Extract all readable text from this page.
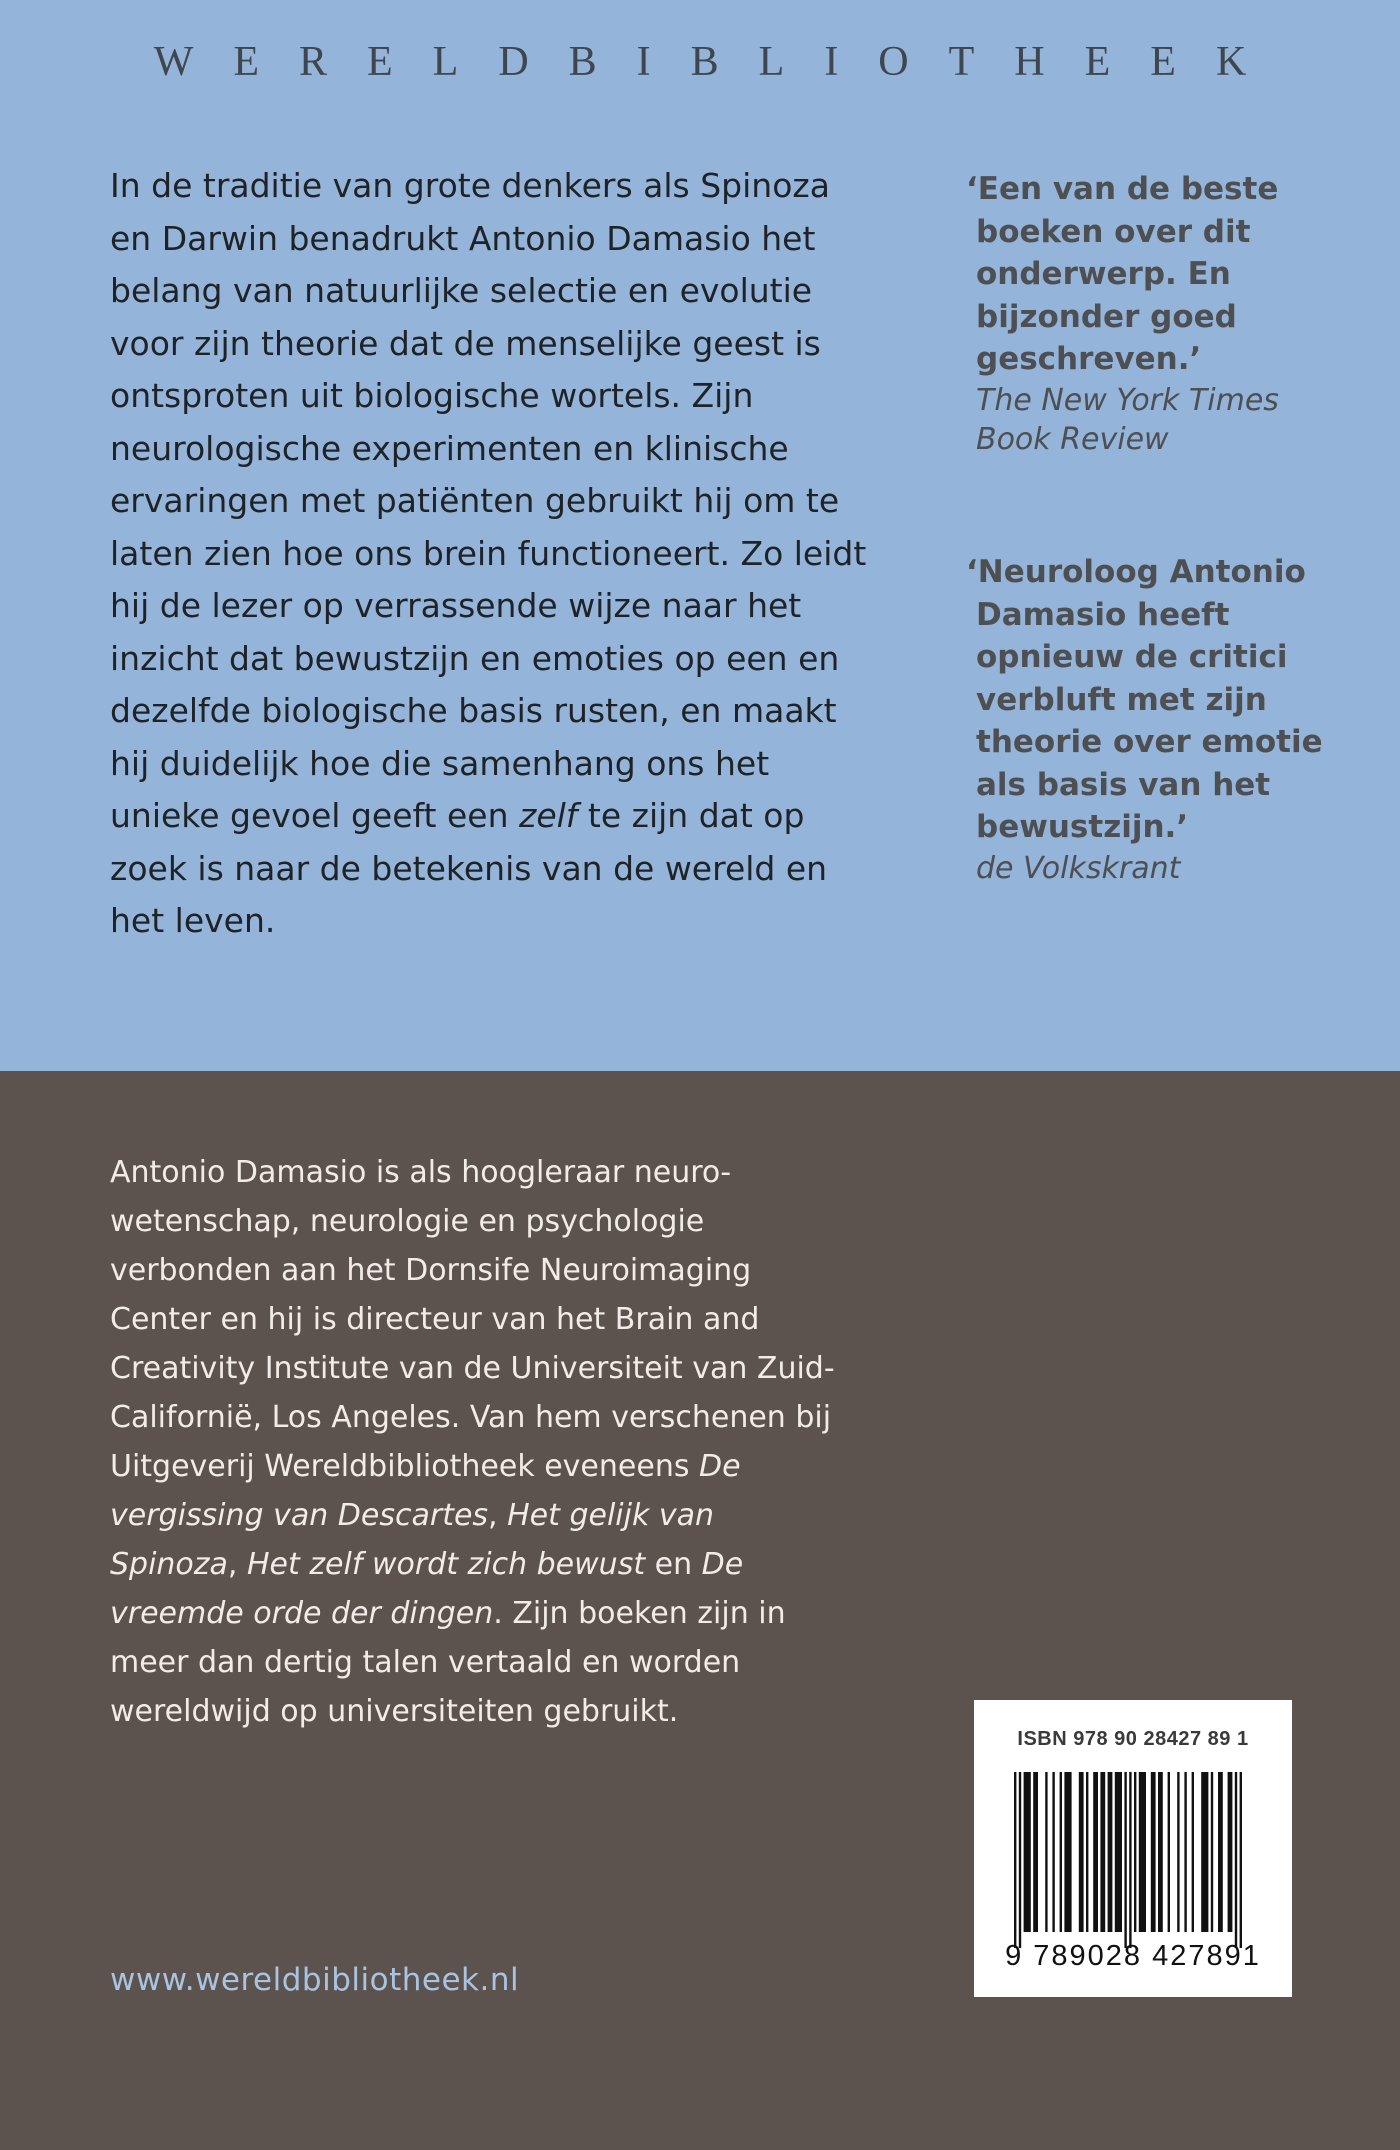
WERELDBIBLIOTHEEK

In de traditie van grote denkers als Spinoza en Darwin benadrukt Antonio Damasio het belang van natuurlijke selectie en evolutie voor zijn theorie dat de menselijke geest is ontsproten uit biologische wortels. Zijn neurologische experimenten en klinische ervaringen met patiënten gebruikt hij om te laten zien hoe ons brein functioneert. Zo leidt hij de lezer op verrassende wijze naar het inzicht dat bewustzijn en emoties op een en dezelfde biologische basis rusten, en maakt hij duidelijk hoe die samenhang ons het unieke gevoel geeft een zelf te zijn dat op zoek is naar de betekenis van de wereld en het leven.

‘Een van de beste boeken over dit onderwerp. En bijzonder goed geschreven.’
The New York Times Book Review
‘Neuroloog Antonio Damasio heeft opnieuw de critici verbluft met zijn theorie over emotie als basis van het bewustzijn.’
de Volkskrant

Antonio Damasio is als hoogleraar neurowetenschap, neurologie en psychologie verbonden aan het Dornsife Neuroimaging Center en hij is directeur van het Brain and Creativity Institute van de Universiteit van Zuid-Californië, Los Angeles. Van hem verschenen bij Uitgeverij Wereldbibliotheek eveneens De vergissing van Descartes, Het gelijk van Spinoza, Het zelf wordt zich bewust en De vreemde orde der dingen. Zijn boeken zijn in meer dan dertig talen vertaald en worden wereldwijd op universiteiten gebruikt.

www.wereldbibliotheek.nl
ISBN 978 90 28427 89 1
9 789028 427891
